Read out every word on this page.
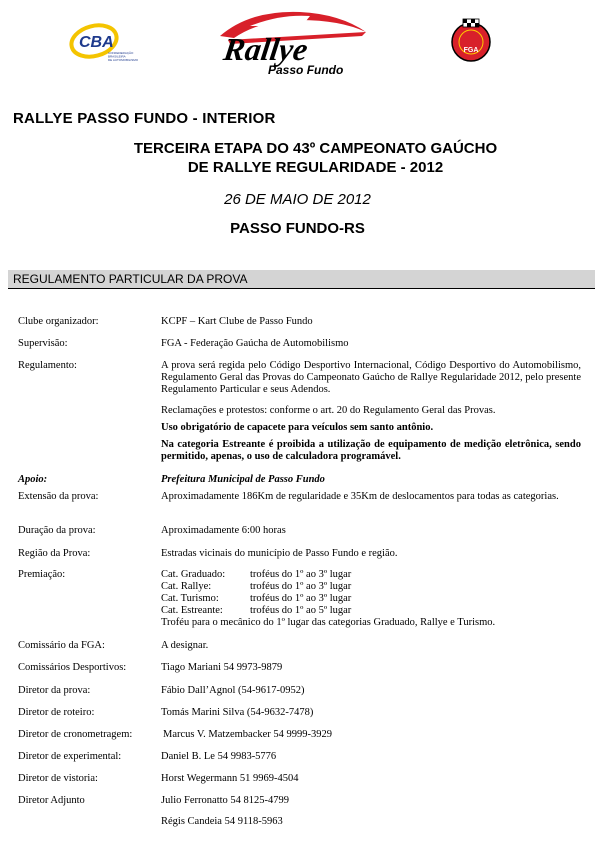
CBA
CONFEDERAÇÃO
BRASILEIRA
DE AUTOMOBILISMO	Rallye
Passo Fundo
FGA
RALLYE PASSO FUNDO - INTERIOR
TERCEIRA ETAPA DO 43º CAMPEONATO GAÚCHO
DE RALLYE REGULARIDADE - 2012
26 DE MAIO DE 2012
PASSO FUNDO-RS
REGULAMENTO PARTICULAR DA PROVA
Clube organizador:	KCPF – Kart Clube de Passo Fundo
Supervisão:	FGA - Federação Gaúcha de Automobilismo
Regulamento:	A prova será regida pelo Código Desportivo Internacional, Código Desportivo do Automobilismo, Regulamento Geral das Provas do Campeonato Gaúcho de Rallye Regularidade 2012, pelo presente Regulamento Particular e seus Adendos.
Reclamações e protestos: conforme o art. 20 do Regulamento Geral das Provas.
Uso obrigatório de capacete para veículos sem santo antônio.
Na categoria Estreante é proibida a utilização de equipamento de medição eletrônica, sendo permitido, apenas, o uso de calculadora programável.
Apoio:	Prefeitura Municipal de Passo Fundo
Extensão da prova:	Aproximadamente 186Km de regularidade e 35Km de deslocamentos para todas as categorias.
Duração da prova:	Aproximadamente 6:00 horas
Região da Prova:	Estradas vicinais do município de Passo Fundo e região.
Premiação:	Cat. Graduado: troféus do 1º ao 3º lugar
Cat. Rallye:	troféus do 1º ao 3º lugar
Cat. Turismo:	troféus do 1º ao 3º lugar
Cat. Estreante:	troféus do 1º ao 5º lugar
Troféu para o mecânico do 1º lugar das categorias Graduado, Rallye e Turismo.
Comissário da FGA:	A designar.
Comissários Desportivos:	Tiago Mariani 54 9973-9879
Diretor da prova:	Fábio Dall’Agnol (54-9617-0952)
Diretor de roteiro:	Tomás Marini Silva (54-9632-7478)
Diretor de cronometragem:	Marcus V. Matzembacker 54 9999-3929
Diretor de experimental:	Daniel B. Le 54 9983-5776
Diretor de vistoria:	Horst Wegermann 51 9969-4504
Diretor Adjunto	Julio Ferronatto 54 8125-4799
Régis Candeia 54 9118-5963
